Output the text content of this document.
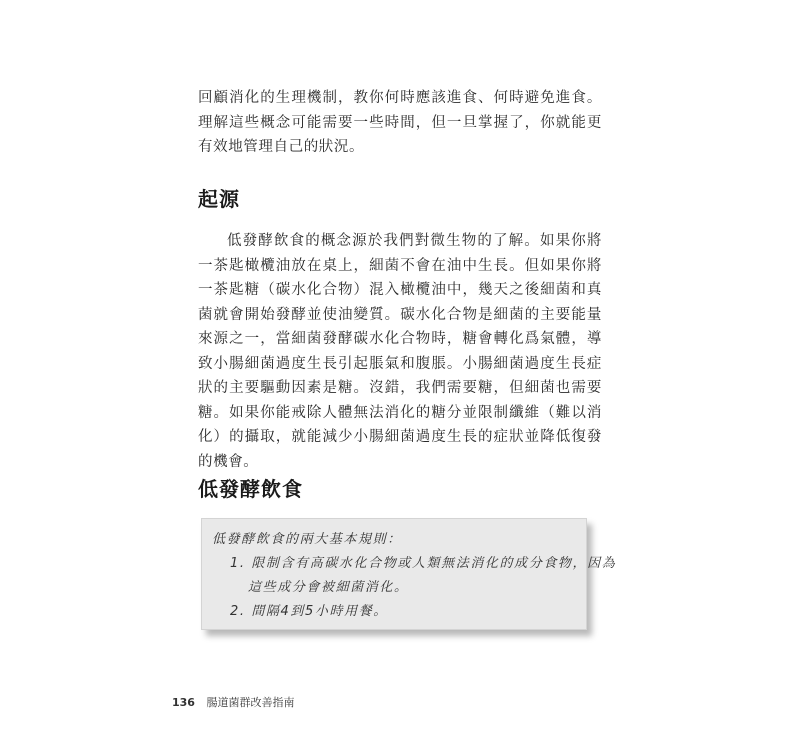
回顧消化的生理機制，教你何時應該進食、何時避免進食。理解這些概念可能需要一些時間，但一旦掌握了，你就能更有效地管理自己的狀況。

起源

低發酵飲食的概念源於我們對微生物的了解。如果你將一茶匙橄欖油放在桌上，細菌不會在油中生長。但如果你將一茶匙糖（碳水化合物）混入橄欖油中，幾天之後細菌和真菌就會開始發酵並使油變質。碳水化合物是細菌的主要能量來源之一，當細菌發酵碳水化合物時，糖會轉化爲氣體，導致小腸細菌過度生長引起脹氣和腹脹。小腸細菌過度生長症狀的主要驅動因素是糖。沒錯，我們需要糖，但細菌也需要糖。如果你能戒除人體無法消化的糖分並限制纖維（難以消化）的攝取，就能減少小腸細菌過度生長的症狀並降低復發的機會。

低發酵飲食
低發酵飲食的兩大基本規則：
1. 限制含有高碳水化合物或人類無法消化的成分食物，因為
這些成分會被細菌消化。
2. 間隔4到5小時用餐。
136 腸道菌群改善指南
